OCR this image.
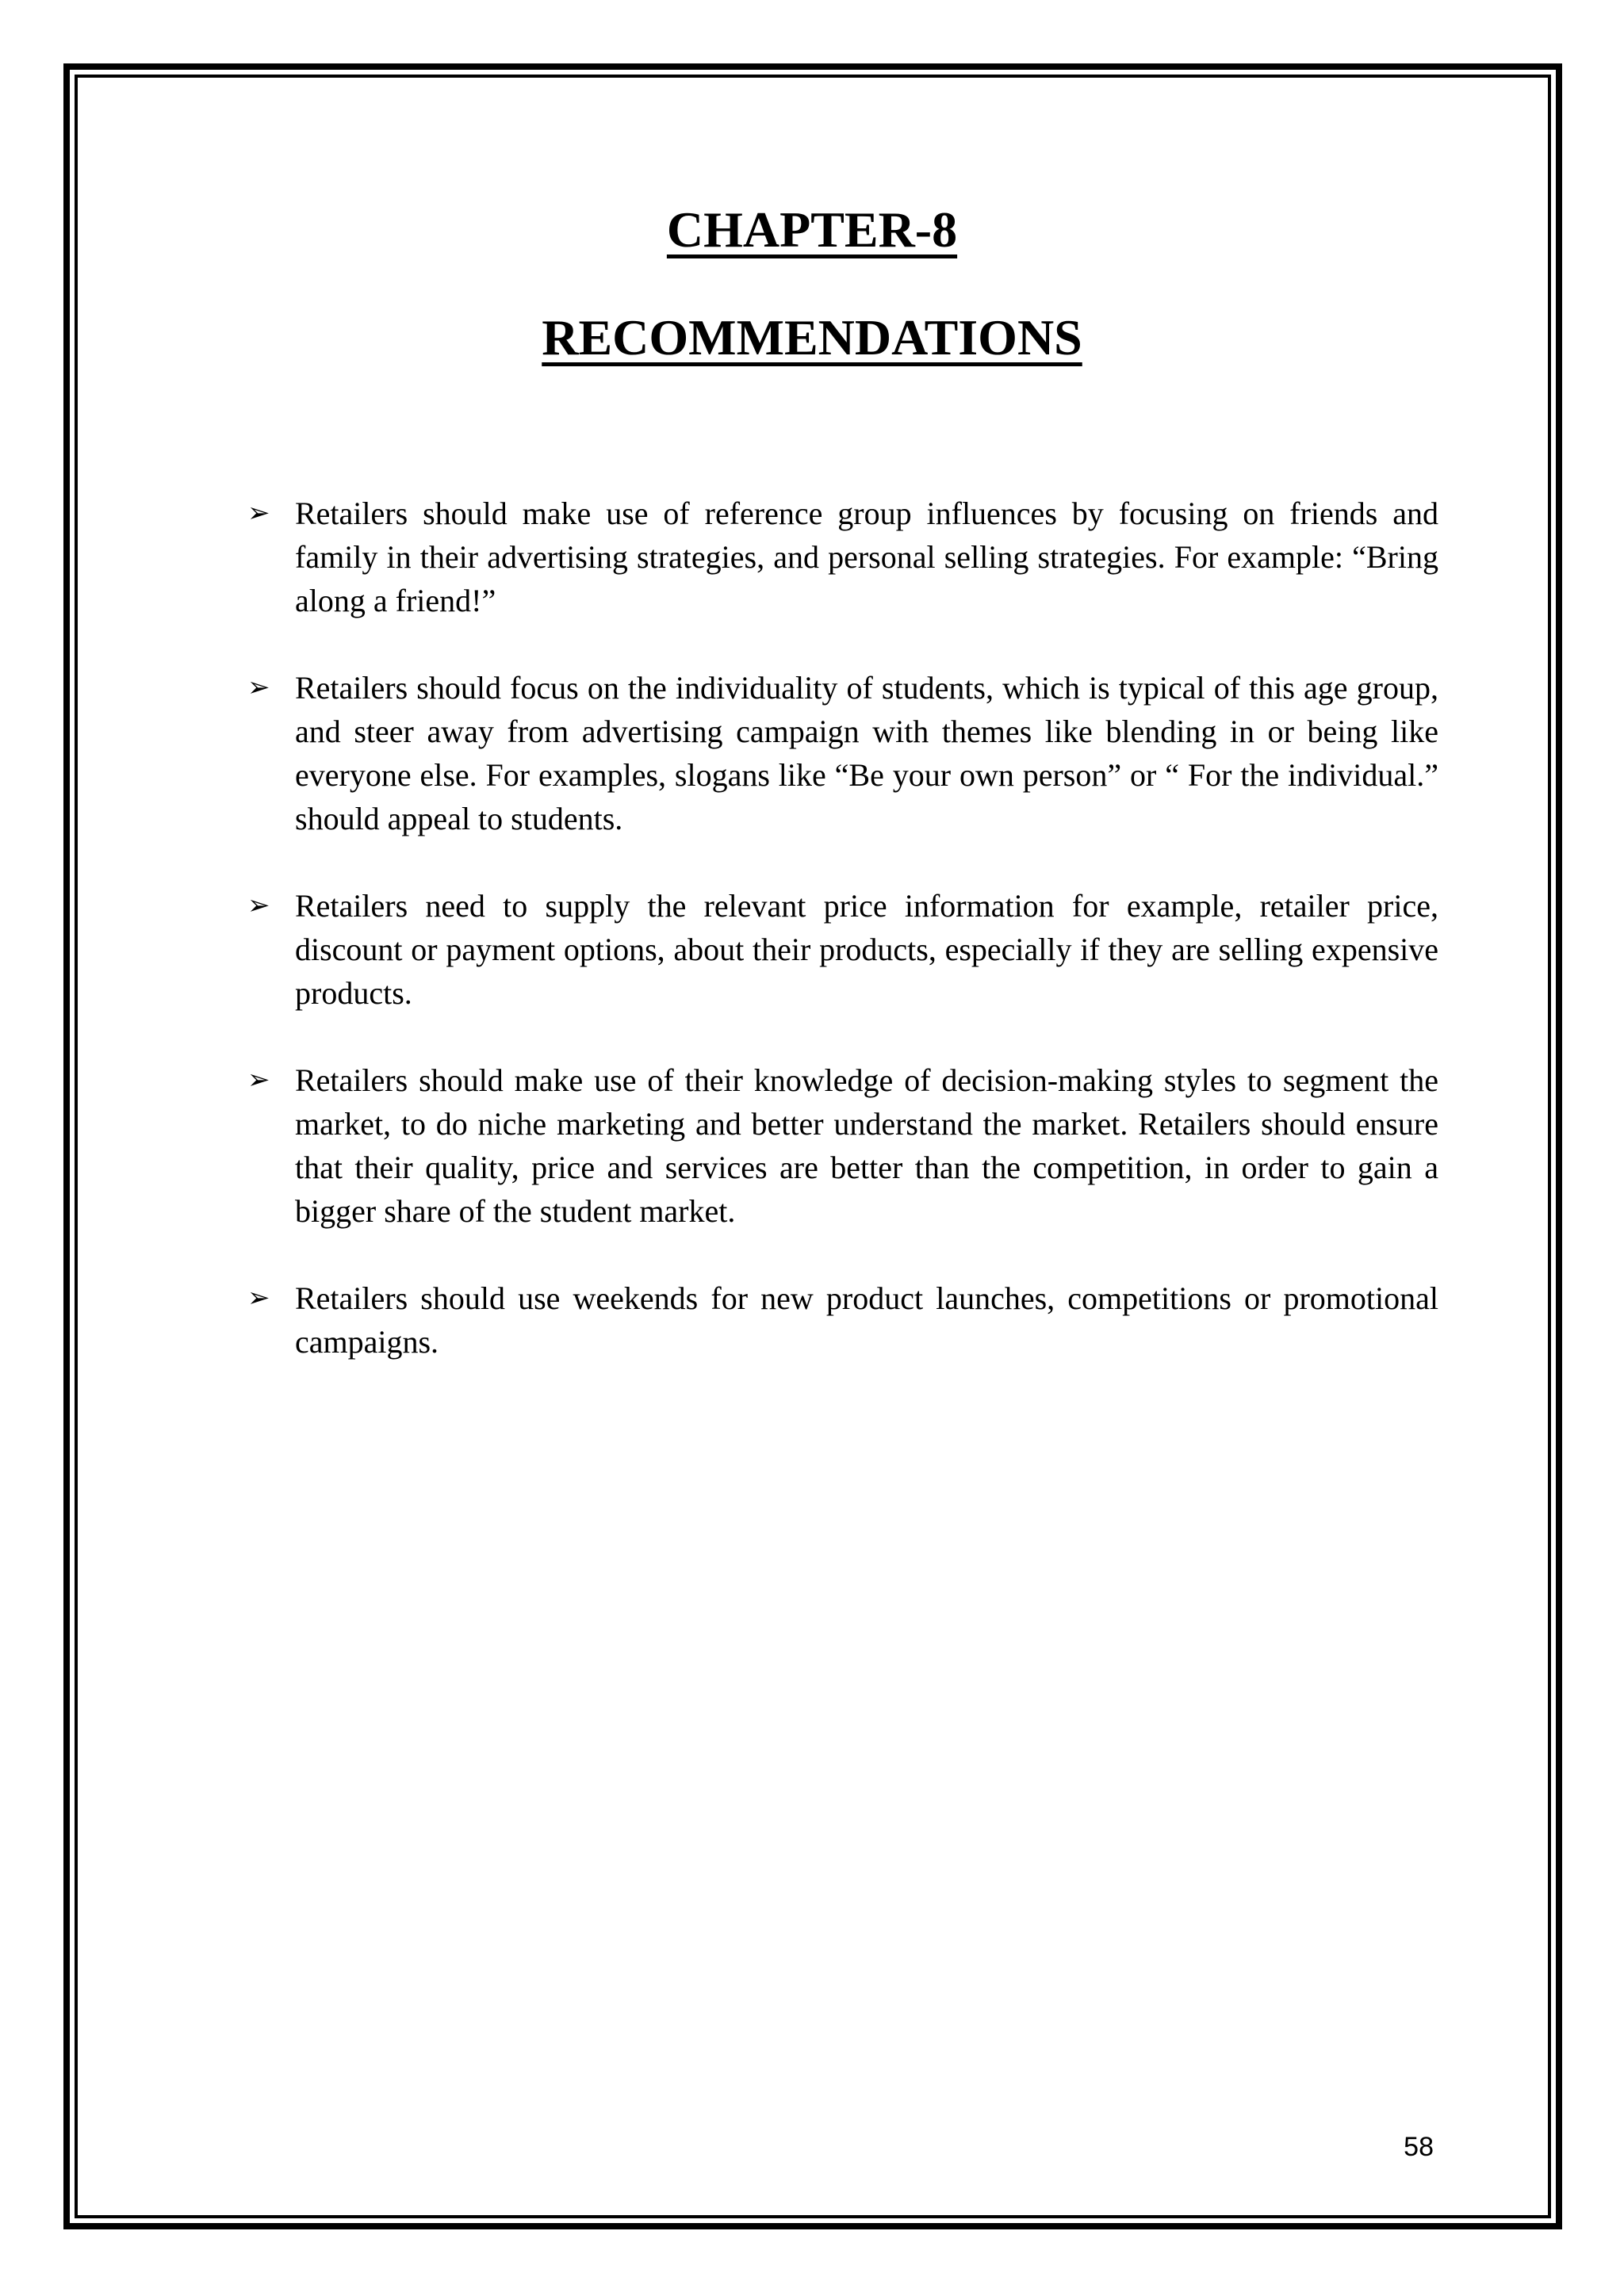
CHAPTER-8
RECOMMENDATIONS
➢ Retailers should make use of reference group influences by focusing on friends and family in their advertising strategies, and personal selling strategies. For example: “Bring along a friend!”
➢ Retailers should focus on the individuality of students, which is typical of this age group, and steer away from advertising campaign with themes like blending in or being like everyone else. For examples, slogans like “Be your own person” or “ For the individual.” should appeal to students.
➢ Retailers need to supply the relevant price information for example, retailer price, discount or payment options, about their products, especially if they are selling expensive products.
➢ Retailers should make use of their knowledge of decision-making styles to segment the market, to do niche marketing and better understand the market. Retailers should ensure that their quality, price and services are better than the competition, in order to gain a bigger share of the student market.
➢ Retailers should use weekends for new product launches, competitions or promotional campaigns.
58
